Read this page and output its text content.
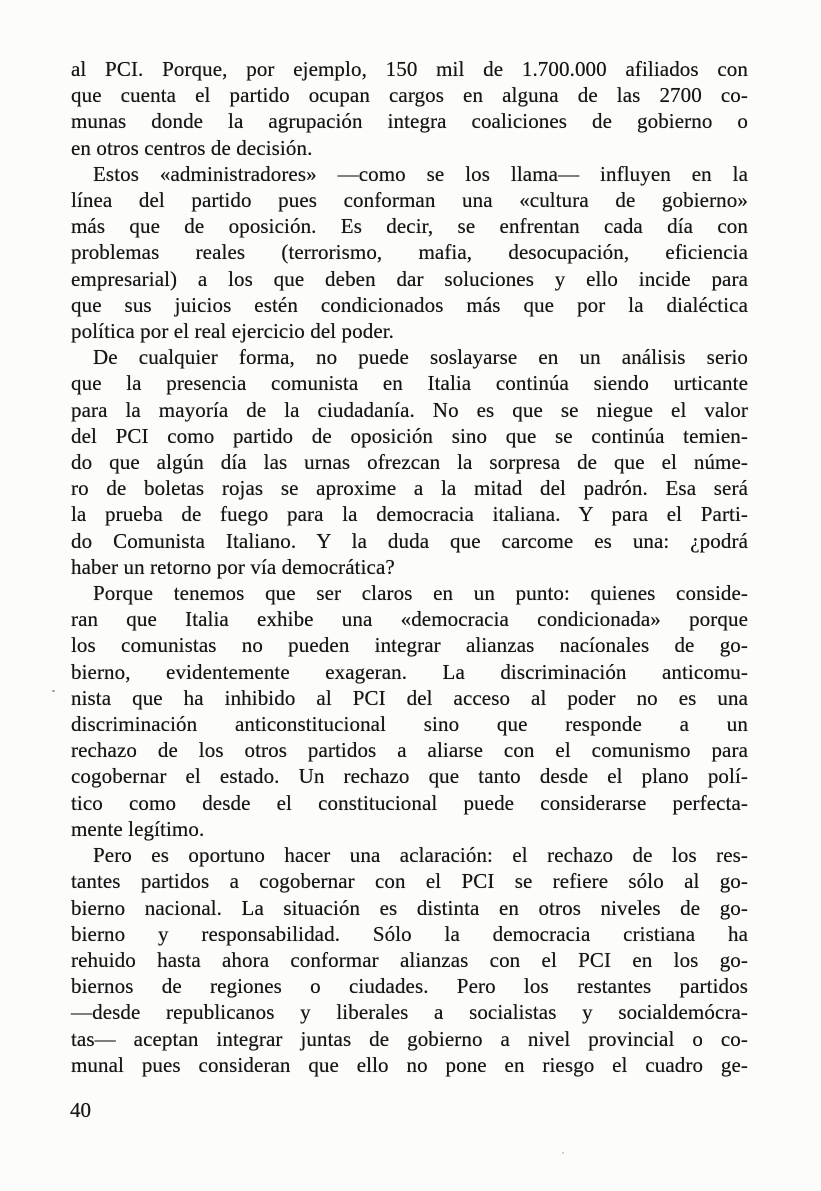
al PCI. Porque, por ejemplo, 150 mil de 1.700.000 afiliados con
que cuenta el partido ocupan cargos en alguna de las 2700 co-
munas donde la agrupación integra coaliciones de gobierno o
en otros centros de decisión.
Estos «administradores» —como se los llama— influyen en la
línea del partido pues conforman una «cultura de gobierno»
más que de oposición. Es decir, se enfrentan cada día con
problemas reales (terrorismo, mafia, desocupación, eficiencia
empresarial) a los que deben dar soluciones y ello incide para
que sus juicios estén condicionados más que por la dialéctica
política por el real ejercicio del poder.
De cualquier forma, no puede soslayarse en un análisis serio
que la presencia comunista en Italia continúa siendo urticante
para la mayoría de la ciudadanía. No es que se niegue el valor
del PCI como partido de oposición sino que se continúa temien-
do que algún día las urnas ofrezcan la sorpresa de que el núme-
ro de boletas rojas se aproxime a la mitad del padrón. Esa será
la prueba de fuego para la democracia italiana. Y para el Parti-
do Comunista Italiano. Y la duda que carcome es una: ¿podrá
haber un retorno por vía democrática?
Porque tenemos que ser claros en un punto: quienes conside-
ran que Italia exhibe una «democracia condicionada» porque
los comunistas no pueden integrar alianzas nacíonales de go-
bierno, evidentemente exageran. La discriminación anticomu-
nista que ha inhibido al PCI del acceso al poder no es una
discriminación anticonstitucional sino que responde a un
rechazo de los otros partidos a aliarse con el comunismo para
cogobernar el estado. Un rechazo que tanto desde el plano polí-
tico como desde el constitucional puede considerarse perfecta-
mente legítimo.
Pero es oportuno hacer una aclaración: el rechazo de los res-
tantes partidos a cogobernar con el PCI se refiere sólo al go-
bierno nacional. La situación es distinta en otros niveles de go-
bierno y responsabilidad. Sólo la democracia cristiana ha
rehuido hasta ahora conformar alianzas con el PCI en los go-
biernos de regiones o ciudades. Pero los restantes partidos
—desde republicanos y liberales a socialistas y socialdemócra-
tas— aceptan integrar juntas de gobierno a nivel provincial o co-
munal pues consideran que ello no pone en riesgo el cuadro ge-
40
